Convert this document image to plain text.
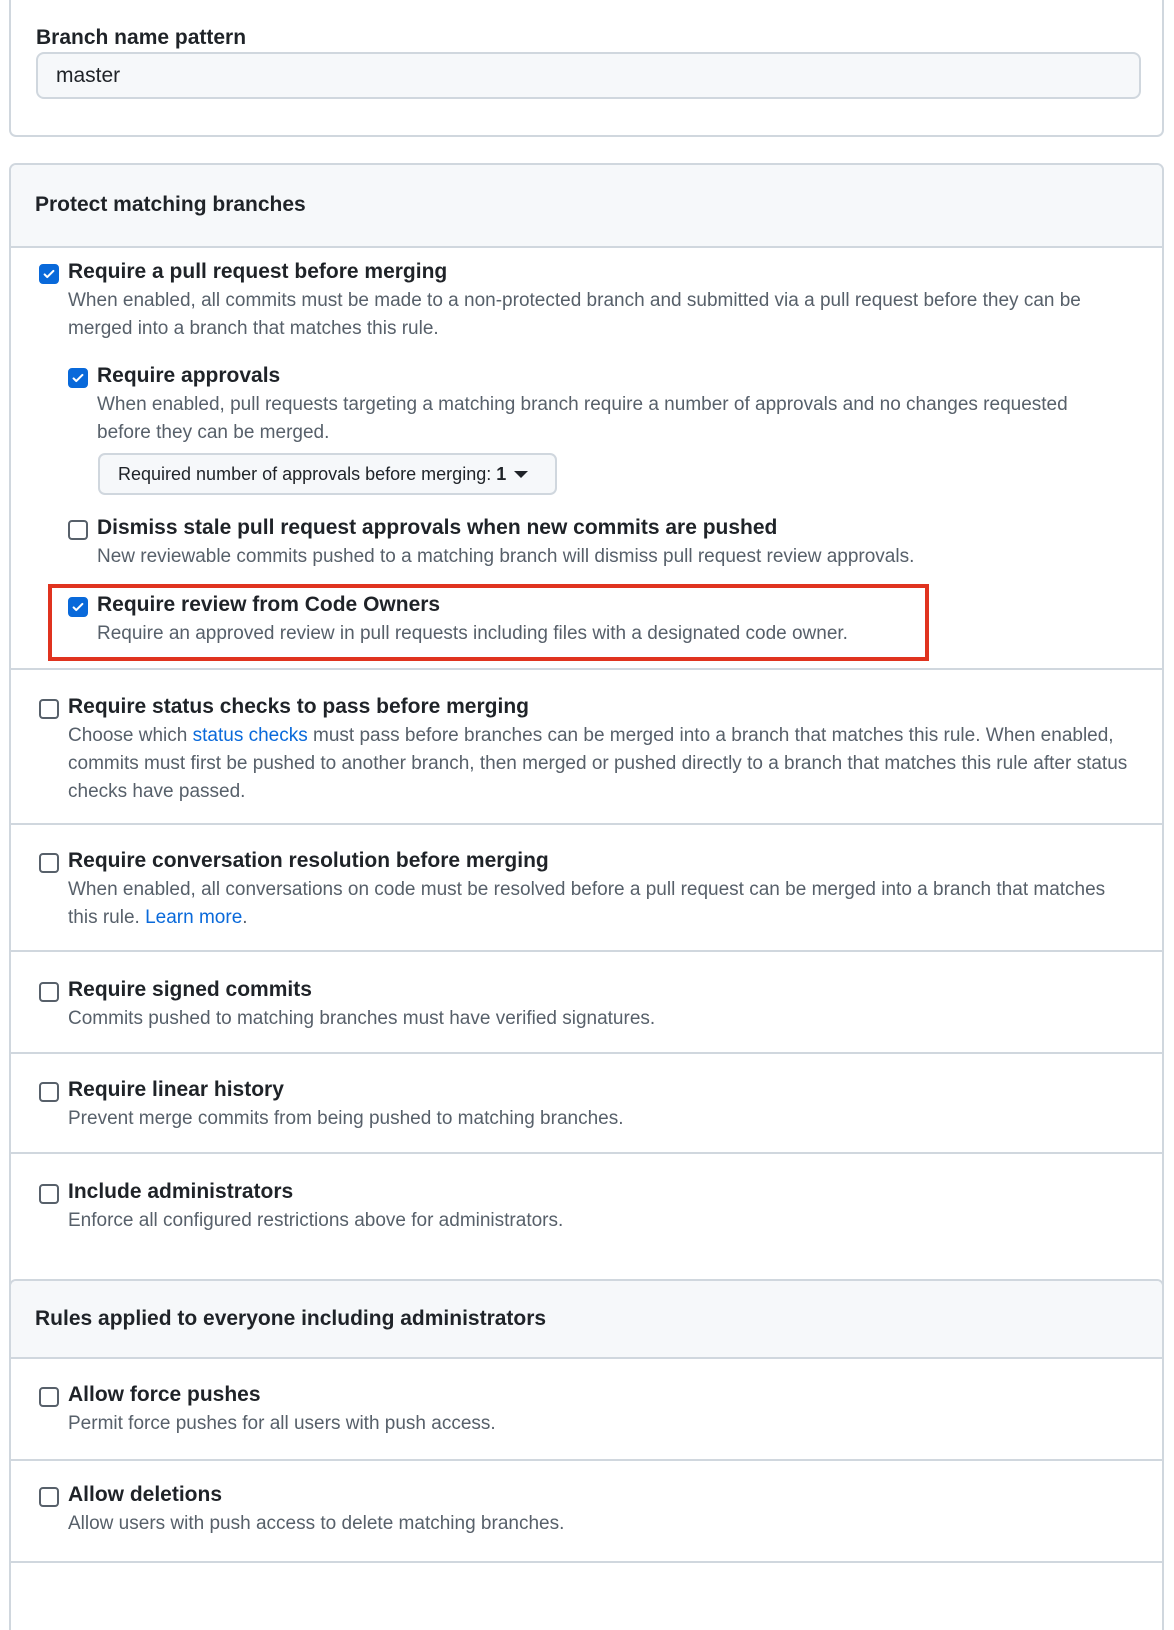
Branch name pattern
master
Protect matching branches
Require a pull request before merging
When enabled, all commits must be made to a non-protected branch and submitted via a pull request before they can be merged into a branch that matches this rule.
Require approvals
When enabled, pull requests targeting a matching branch require a number of approvals and no changes requested before they can be merged.
Required number of approvals before merging: 1
Dismiss stale pull request approvals when new commits are pushed
New reviewable commits pushed to a matching branch will dismiss pull request review approvals.
Require review from Code Owners
Require an approved review in pull requests including files with a designated code owner.
Require status checks to pass before merging
Choose which status checks must pass before branches can be merged into a branch that matches this rule. When enabled, commits must first be pushed to another branch, then merged or pushed directly to a branch that matches this rule after status checks have passed.
Require conversation resolution before merging
When enabled, all conversations on code must be resolved before a pull request can be merged into a branch that matches this rule. Learn more.
Require signed commits
Commits pushed to matching branches must have verified signatures.
Require linear history
Prevent merge commits from being pushed to matching branches.
Include administrators
Enforce all configured restrictions above for administrators.
Rules applied to everyone including administrators
Allow force pushes
Permit force pushes for all users with push access.
Allow deletions
Allow users with push access to delete matching branches.
